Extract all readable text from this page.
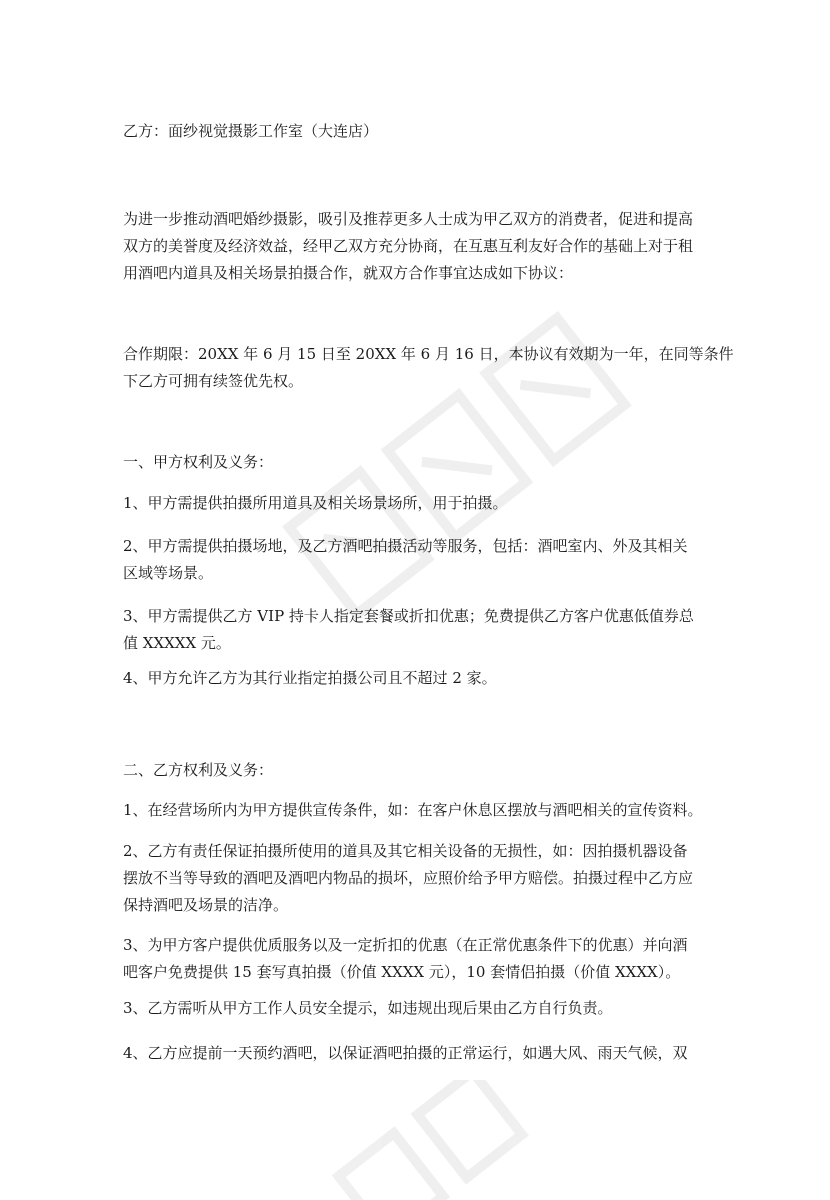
乙方：面纱视觉摄影工作室（大连店）

为进一步推动酒吧婚纱摄影，吸引及推荐更多人士成为甲乙双方的消费者，促进和提高

双方的美誉度及经济效益，经甲乙双方充分协商，在互惠互利友好合作的基础上对于租

用酒吧内道具及相关场景拍摄合作，就双方合作事宜达成如下协议：

合作期限：20XX 年 6 月 15 日至 20XX 年 6 月 16 日，本协议有效期为一年，在同等条件

下乙方可拥有续签优先权。

一、甲方权利及义务：

1、甲方需提供拍摄所用道具及相关场景场所，用于拍摄。

2、甲方需提供拍摄场地，及乙方酒吧拍摄活动等服务，包括：酒吧室内、外及其相关

区域等场景。

3、甲方需提供乙方 VIP 持卡人指定套餐或折扣优惠；免费提供乙方客户优惠低值券总

值 XXXXX 元。

4、甲方允许乙方为其行业指定拍摄公司且不超过 2 家。

二、乙方权利及义务：

1、在经营场所内为甲方提供宣传条件，如：在客户休息区摆放与酒吧相关的宣传资料。

2、乙方有责任保证拍摄所使用的道具及其它相关设备的无损性，如：因拍摄机器设备

摆放不当等导致的酒吧及酒吧内物品的损坏，应照价给予甲方赔偿。拍摄过程中乙方应

保持酒吧及场景的洁净。

3、为甲方客户提供优质服务以及一定折扣的优惠（在正常优惠条件下的优惠）并向酒

吧客户免费提供 15 套写真拍摄（价值 XXXX 元），10 套情侣拍摄（价值 XXXX）。

3、乙方需听从甲方工作人员安全提示，如违规出现后果由乙方自行负责。

4、乙方应提前一天预约酒吧，以保证酒吧拍摄的正常运行，如遇大风、雨天气候，双
